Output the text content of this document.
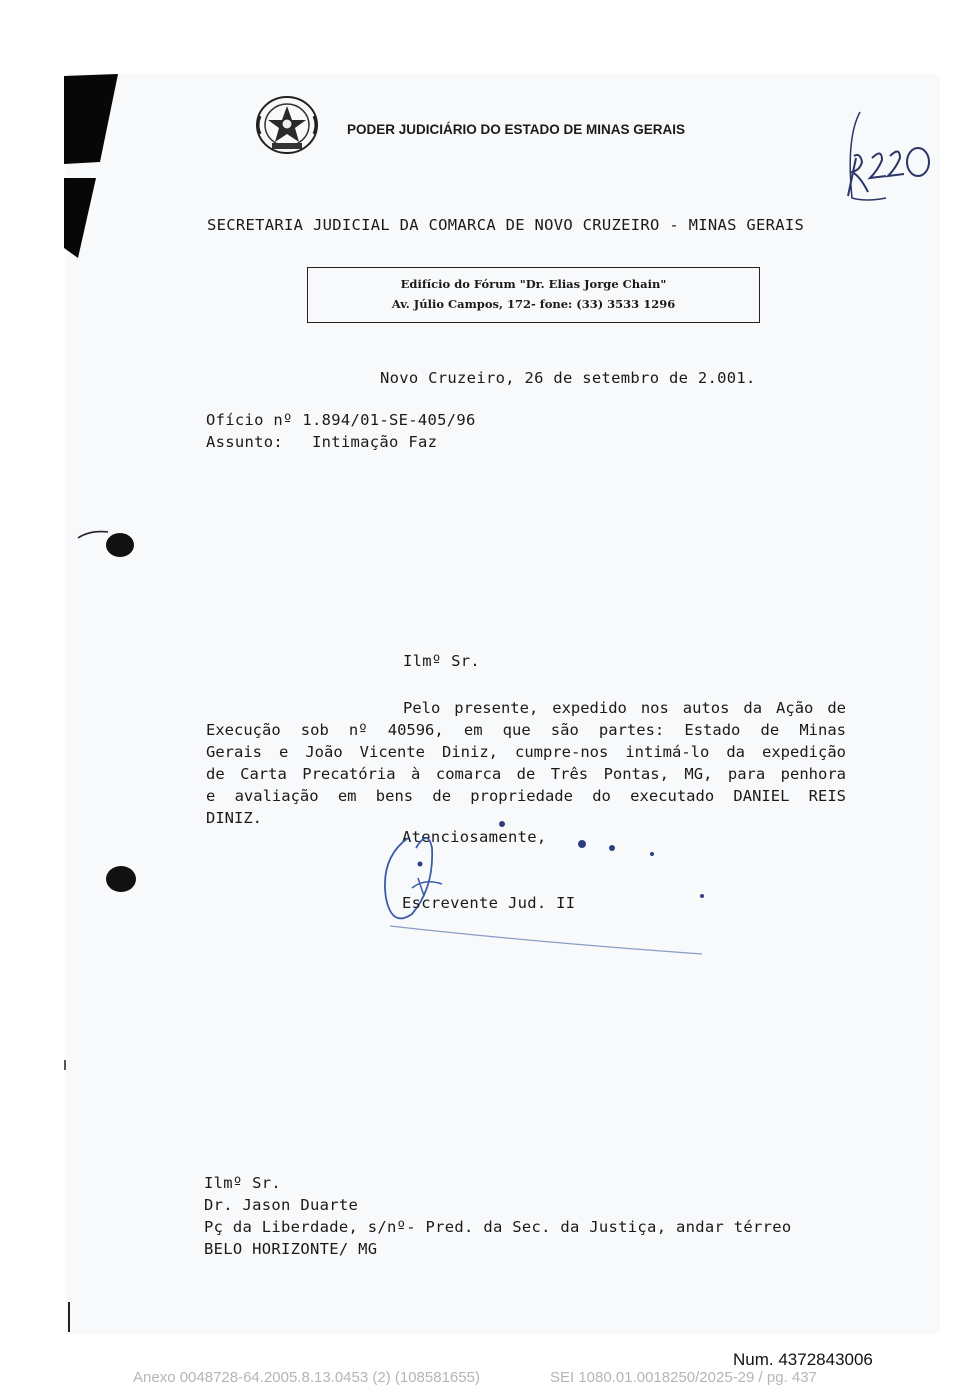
PODER JUDICIÁRIO DO ESTADO DE MINAS GERAIS
SECRETARIA JUDICIAL DA COMARCA DE NOVO CRUZEIRO - MINAS GERAIS
Edifício do Fórum "Dr. Elias Jorge Chain"
Av. Júlio Campos, 172- fone: (33) 3533 1296
Novo Cruzeiro, 26 de setembro de 2.001.
Ofício nº 1.894/01-SE-405/96
Assunto: Intimação Faz
Ilmº Sr.
Pelo presente, expedido nos autos da Ação de
Execução sob nº 40596, em que são partes: Estado de Minas
Gerais e João Vicente Diniz, cumpre-nos intimá-lo da expedição
de Carta Precatória à comarca de Três Pontas, MG, para penhora
e avaliação em bens de propriedade do executado DANIEL REIS
DINIZ.
Atenciosamente,
Escrevente Jud. II
Ilmº Sr.
Dr. Jason Duarte
Pç da Liberdade, s/nº- Pred. da Sec. da Justiça, andar térreo
BELO HORIZONTE/ MG
Num. 4372843006
Anexo 0048728-64.2005.8.13.0453 (2) (108581655)	SEI 1080.01.0018250/2025-29 / pg. 437
